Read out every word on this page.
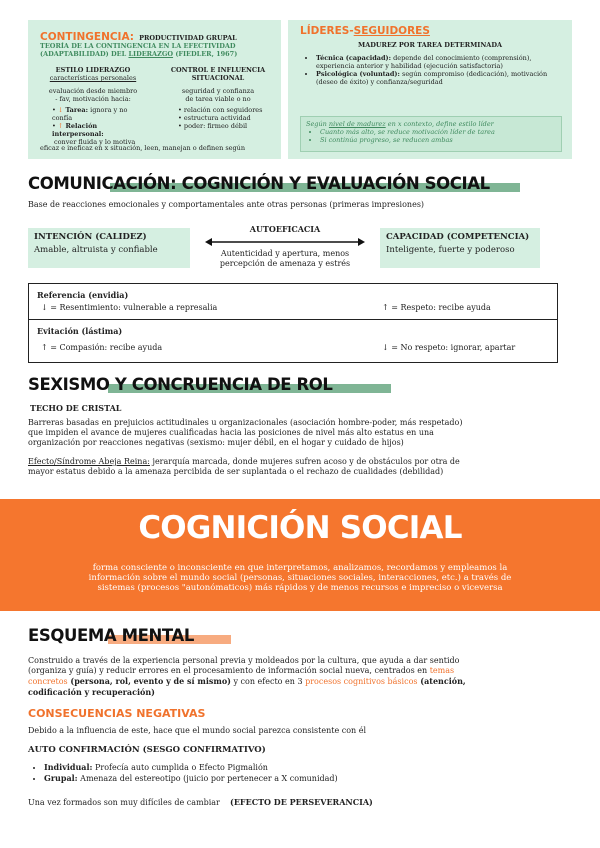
CONTINGENCIA: PRODUCTIVIDAD GRUPAL
TEORÍA DE LA CONTINGENCIA EN LA EFECTIVIDAD
(ADAPTABILIDAD) DEL LIDERAZGO (FIEDLER, 1967)
ESTILO LIDERAZGO
características personales
evaluación desde miembro
- fav, motivación hacia:
• ↓ Tarea: ignora y no confía
• ↑ Relación interpersonal:
conver fluida y lo motiva
CONTROL E INFLUENCIA
SITUACIONAL
seguridad y confianza
de tarea viable o no
• relación con seguidores
• estructura actividad
• poder: firmeo débil
eficaz e ineficaz en x situación, leen, manejan o definen según
LÍDERES-SEGUIDORES
MADUREZ POR TAREA DETERMINADA
• Técnica (capacidad): depende del conocimiento (comprensión), experiencia anterior y habilidad (ejecución satisfactoria)
• Psicológica (voluntad): según compromiso (dedicación), motivación (deseo de éxito) y confianza/seguridad
Según nivel de madurez en x contexto, define estilo líder
• Cuanto más alto, se reduce motivación líder de tarea
• Si continúa progreso, se reducen ambas
COMUNICACIÓN: COGNICIÓN Y EVALUACIÓN SOCIAL
Base de reacciones emocionales y comportamentales ante otras personas (primeras impresiones)
INTENCIÓN (CALIDEZ)
Amable, altruista y confiable
AUTOEFICACIA
Autenticidad y apertura, menos
percepción de amenaza y estrés
CAPACIDAD (COMPETENCIA)
Inteligente, fuerte y poderoso
Referencia (envidia)
↓ = Resentimiento: vulnerable a represalia	↑ = Respeto: recibe ayuda
Evitación (lástima)
↑ = Compasión: recibe ayuda	↓ = No respeto: ignorar, apartar
SEXISMO Y CONCRUENCIA DE ROL
TECHO DE CRISTAL
Barreras basadas en prejuicios actitudinales u organizacionales (asociación hombre-poder, más respetado)
que impiden el avance de mujeres cualificadas hacia las posiciones de nivel más alto estatus en una
organización por reacciones negativas (sexismo: mujer débil, en el hogar y cuidado de hijos)
Efecto/Síndrome Abeja Reina: jerarquía marcada, donde mujeres sufren acoso y de obstáculos por otra de
mayor estatus debido a la amenaza percibida de ser suplantada o el rechazo de cualidades (debilidad)
COGNICIÓN SOCIAL
forma consciente o inconsciente en que interpretamos, analizamos, recordamos y empleamos la
información sobre el mundo social (personas, situaciones sociales, interacciones, etc.) a través de
sistemas (procesos "autonómaticos) más rápidos y de menos recursos e impreciso o viceversa
ESQUEMA MENTAL
Construido a través de la experiencia personal previa y moldeados por la cultura, que ayuda a dar sentido
(organiza y guía) y reducir errores en el procesamiento de información social nueva, centrados en temas
concretos (persona, rol, evento y de sí mismo) y con efecto en 3 procesos cognitivos básicos (atención,
codificación y recuperación)
CONSECUENCIAS NEGATIVAS
Debido a la influencia de este, hace que el mundo social parezca consistente con él
AUTO CONFIRMACIÓN (SESGO CONFIRMATIVO)
• Individual: Profecía auto cumplida o Efecto Pigmalión
• Grupal: Amenaza del estereotipo (juicio por pertenecer a X comunidad)
Una vez formados son muy difíciles de cambiar (EFECTO DE PERSEVERANCIA)
